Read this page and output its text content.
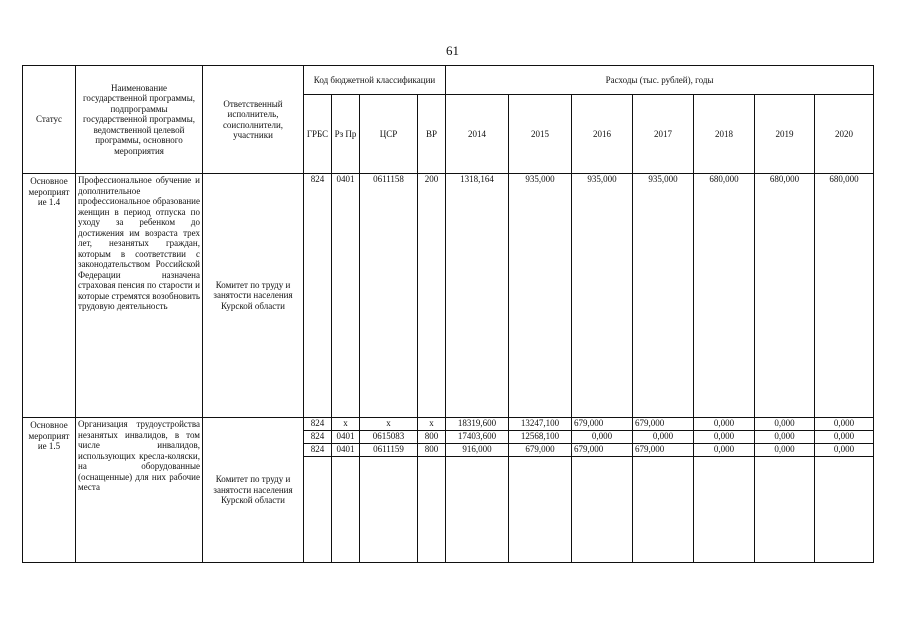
61
Статус	Наименование государственной программы, подпрограммы государственной программы, ведомственной целевой программы, основного мероприятия	Ответственный исполнитель, соисполнители, участники	Код бюджетной классификации				Расходы (тыс. рублей), годы						
			ГРБС	Рз Пр	ЦСР	ВР	2014	2015	2016	2017	2018	2019	2020
Основное мероприят ие 1.4	Профессиональное обучение и дополнительное профессиональное образование женщин в период отпуска по уходу за ребенком до достижения им возраста трех лет, незанятых граждан, которым в соответствии с законодательством Российской Федерации назначена страховая пенсия по старости и которые стремятся возобновить трудовую деятельность	Комитет по труду и занятости населения Курской области	824	0401	0611158	200	1318,164	935,000	935,000	935,000	680,000	680,000	680,000
Основное мероприят ие 1.5	Организация трудоустройства незанятых инвалидов, в том числе инвалидов, использующих кресла-коляски, на оборудованные (оснащенные) для них рабочие места	Комитет по труду и занятости населения Курской области	824	x	x	x	18319,600	13247,100	679,000	679,000	0,000	0,000	0,000
			824	0401	0615083	800	17403,600	12568,100	0,000	0,000	0,000	0,000	0,000
			824	0401	0611159	800	916,000	679,000	679,000	679,000	0,000	0,000	0,000
